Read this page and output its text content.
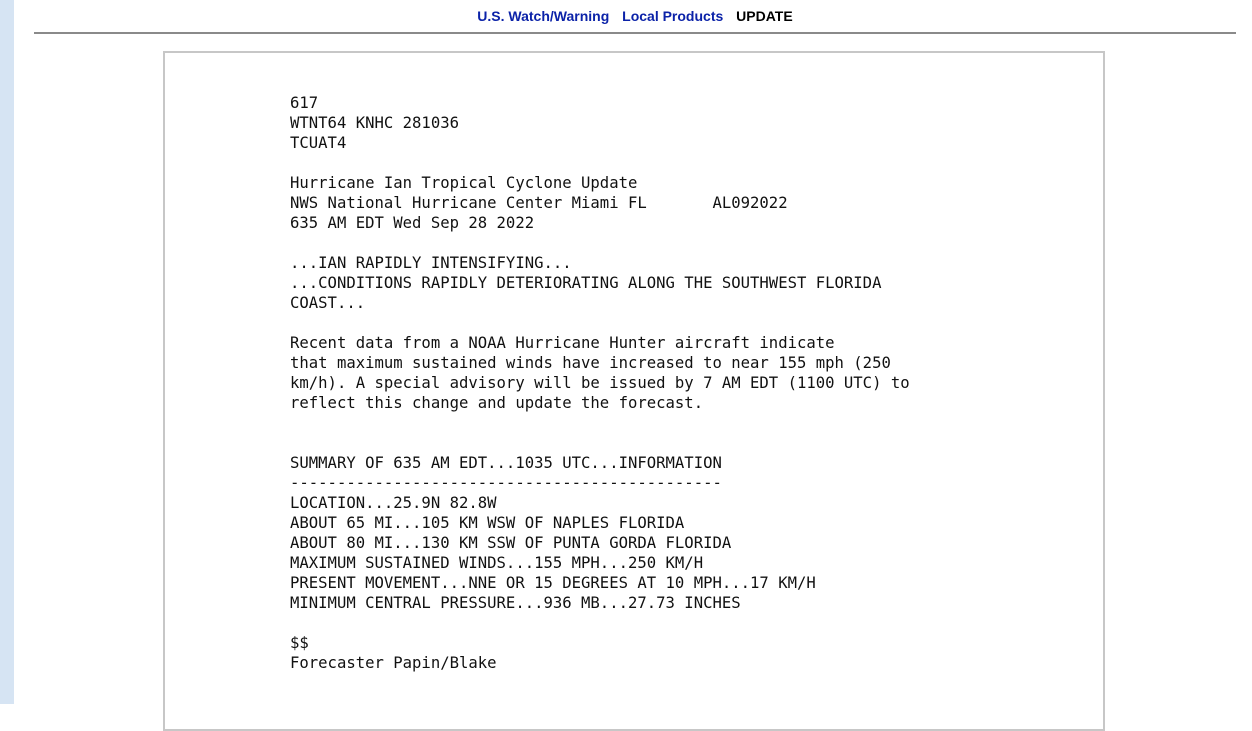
U.S. Watch/Warning Local Products UPDATE
617
WTNT64 KNHC 281036
TCUAT4

Hurricane Ian Tropical Cyclone Update
NWS National Hurricane Center Miami FL       AL092022
635 AM EDT Wed Sep 28 2022

...IAN RAPIDLY INTENSIFYING...
...CONDITIONS RAPIDLY DETERIORATING ALONG THE SOUTHWEST FLORIDA
COAST...

Recent data from a NOAA Hurricane Hunter aircraft indicate
that maximum sustained winds have increased to near 155 mph (250
km/h). A special advisory will be issued by 7 AM EDT (1100 UTC) to
reflect this change and update the forecast.

SUMMARY OF 635 AM EDT...1035 UTC...INFORMATION
----------------------------------------------
LOCATION...25.9N 82.8W
ABOUT 65 MI...105 KM WSW OF NAPLES FLORIDA
ABOUT 80 MI...130 KM SSW OF PUNTA GORDA FLORIDA
MAXIMUM SUSTAINED WINDS...155 MPH...250 KM/H
PRESENT MOVEMENT...NNE OR 15 DEGREES AT 10 MPH...17 KM/H
MINIMUM CENTRAL PRESSURE...936 MB...27.73 INCHES

$$
Forecaster Papin/Blake
